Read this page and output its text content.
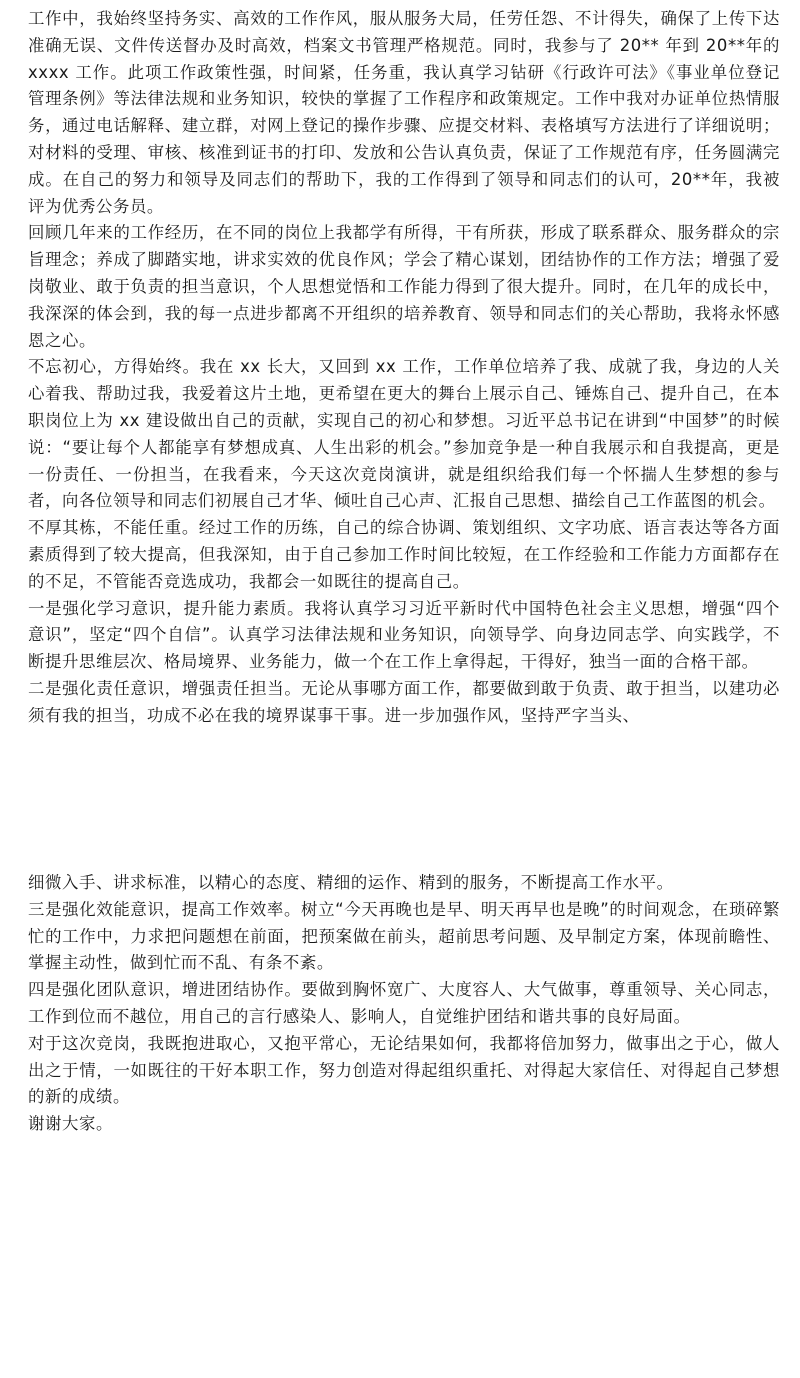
​

工作中，我始终坚持务实、高效的工作作风，服从服务大局，任劳任怨、不计得失，确保了上传下达准确无误、文件传送督办及时高效，档案文书管理严格规范。同时，我参与了 20** 年到 20**年的 xxxx 工作。此项工作政策性强，时间紧，任务重，我认真学习钻研《行政许可法》《事业单位登记管理条例》等法律法规和业务知识，较快的掌握了工作程序和政策规定。工作中我对办证单位热情服务，通过电话解释、建立群，对网上登记的操作步骤、应提交材料、表格填写方法进行了详细说明；对材料的受理、审核、核准到证书的打印、发放和公告认真负责，保证了工作规范有序，任务圆满完成。在自己的努力和领导及同志们的帮助下，我的工作得到了领导和同志们的认可，20**年，我被评为优秀公务员。

回顾几年来的工作经历，在不同的岗位上我都学有所得，干有所获，形成了联系群众、服务群众的宗旨理念；养成了脚踏实地，讲求实效的优良作风；学会了精心谋划，团结协作的工作方法；增强了爱岗敬业、敢于负责的担当意识，个人思想觉悟和工作能力得到了很大提升。同时，在几年的成长中，我深深的体会到，我的每一点进步都离不开组织的培养教育、领导和同志们的关心帮助，我将永怀感恩之心。

不忘初心，方得始终。我在 xx 长大，又回到 xx 工作，工作单位培养了我、成就了我，身边的人关心着我、帮助过我，我爱着这片土地，更希望在更大的舞台上展示自己、锤炼自己、提升自己，在本职岗位上为 xx 建设做出自己的贡献，实现自己的初心和梦想。习近平总书记在讲到“中国梦”的时候说：“要让每个人都能享有梦想成真、人生出彩的机会。”参加竞争是一种自我展示和自我提高，更是一份责任、一份担当，在我看来，今天这次竞岗演讲，就是组织给我们每一个怀揣人生梦想的参与者，向各位领导和同志们初展自己才华、倾吐自己心声、汇报自己思想、描绘自己工作蓝图的机会。

不厚其栋，不能任重。经过工作的历练，自己的综合协调、策划组织、文字功底、语言表达等各方面素质得到了较大提高，但我深知，由于自己参加工作时间比较短，在工作经验和工作能力方面都存在的不足，不管能否竞选成功，我都会一如既往的提高自己。

一是强化学习意识，提升能力素质。我将认真学习习近平新时代中国特色社会主义思想，增强“四个意识”，坚定“四个自信”。认真学习法律法规和业务知识，向领导学、向身边同志学、向实践学，不断提升思维层次、格局境界、业务能力，做一个在工作上拿得起，干得好，独当一面的合格干部。

二是强化责任意识，增强责任担当。无论从事哪方面工作，都要做到敢于负责、敢于担当，以建功必须有我的担当，功成不必在我的境界谋事干事。进一步加强作风，坚持严字当头、

细微入手、讲求标准，以精心的态度、精细的运作、精到的服务，不断提高工作水平。

三是强化效能意识，提高工作效率。树立“今天再晚也是早、明天再早也是晚”的时间观念，在琐碎繁忙的工作中，力求把问题想在前面，把预案做在前头，超前思考问题、及早制定方案，体现前瞻性、掌握主动性，做到忙而不乱、有条不紊。

四是强化团队意识，增进团结协作。要做到胸怀宽广、大度容人、大气做事，尊重领导、关心同志，工作到位而不越位，用自己的言行感染人、影响人，自觉维护团结和谐共事的良好局面。

对于这次竞岗，我既抱进取心，又抱平常心，无论结果如何，我都将倍加努力，做事出之于心，做人出之于情，一如既往的干好本职工作，努力创造对得起组织重托、对得起大家信任、对得起自己梦想的新的成绩。

谢谢大家。
